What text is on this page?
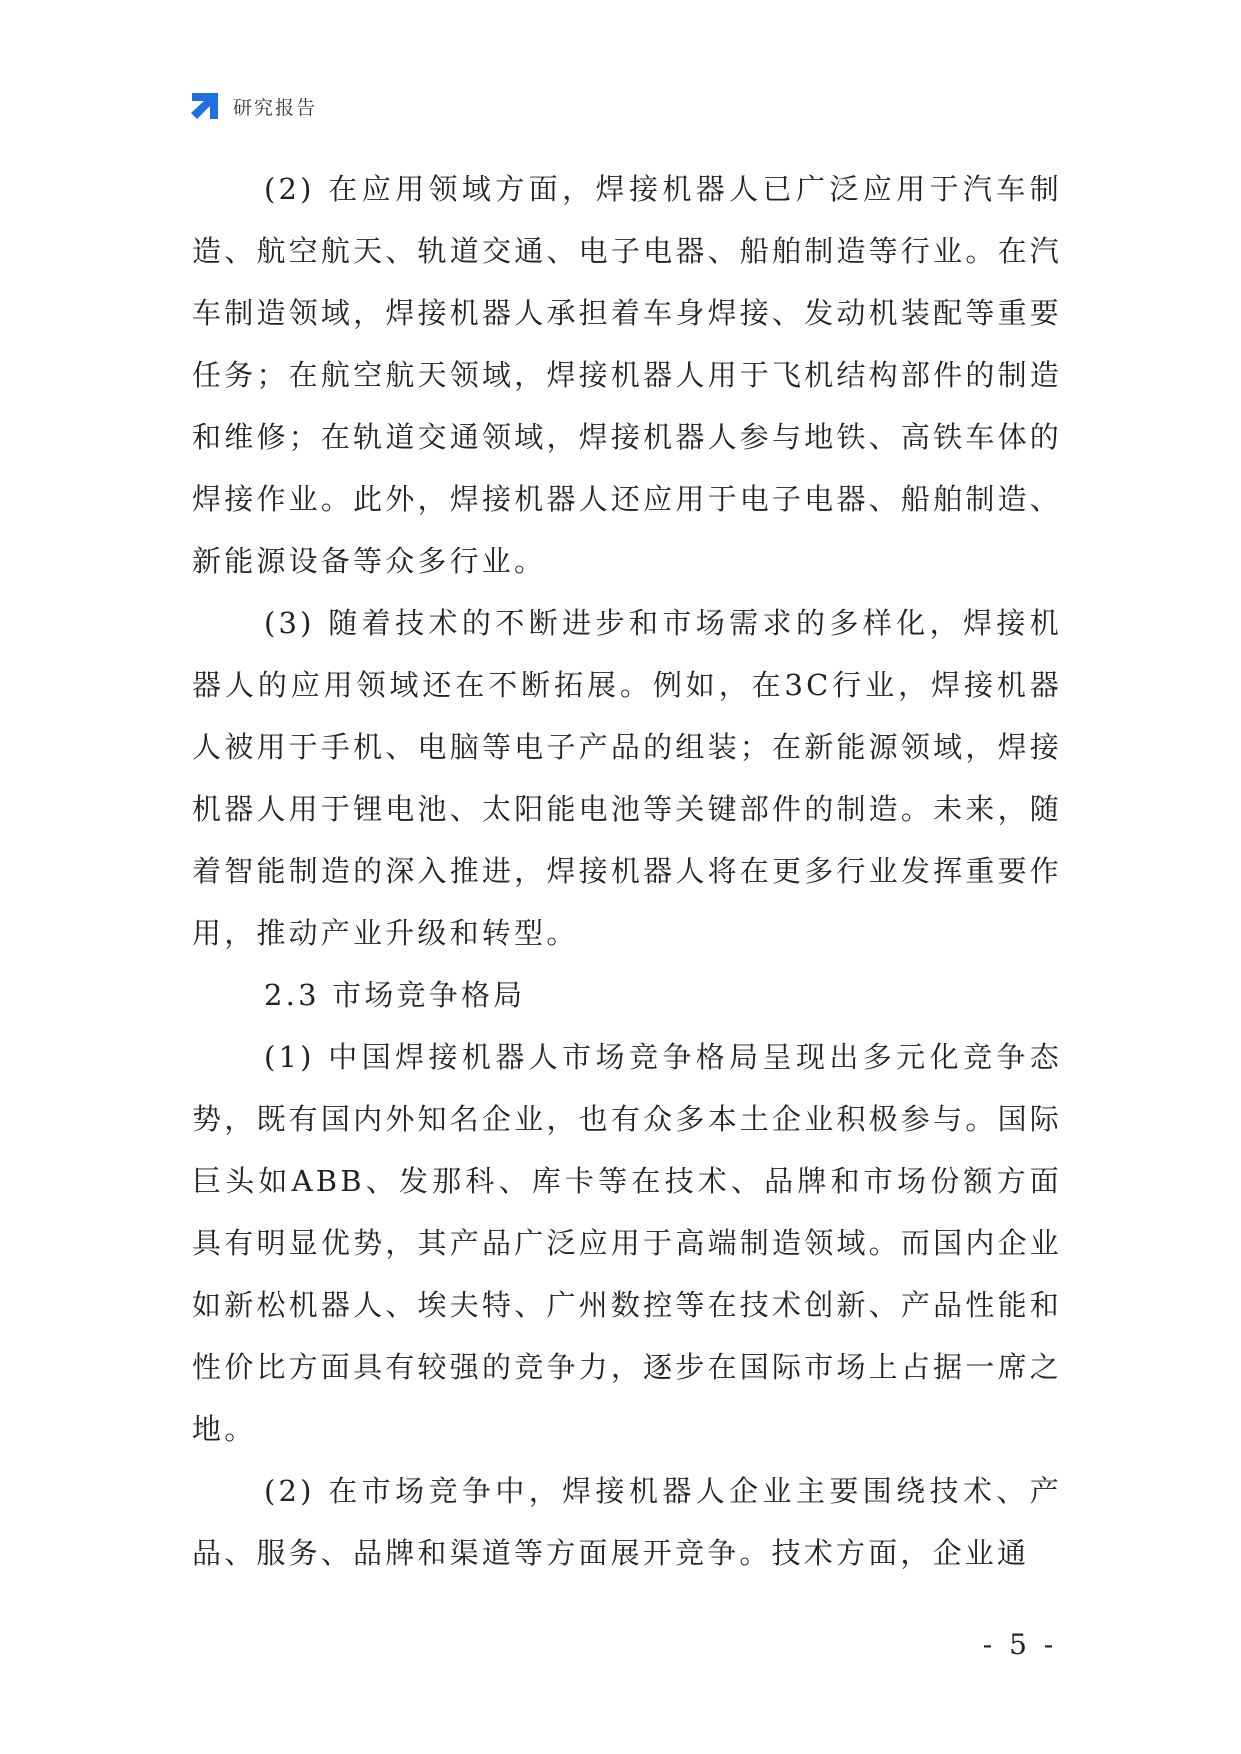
研究报告

(2) 在应用领域方面，焊接机器人已广泛应用于汽车制造、航空航天、轨道交通、电子电器、船舶制造等行业。在汽车制造领域，焊接机器人承担着车身焊接、发动机装配等重要任务；在航空航天领域，焊接机器人用于飞机结构部件的制造和维修；在轨道交通领域，焊接机器人参与地铁、高铁车体的焊接作业。此外，焊接机器人还应用于电子电器、船舶制造、新能源设备等众多行业。

(3) 随着技术的不断进步和市场需求的多样化，焊接机器人的应用领域还在不断拓展。例如，在3C行业，焊接机器人被用于手机、电脑等电子产品的组装；在新能源领域，焊接机器人用于锂电池、太阳能电池等关键部件的制造。未来，随着智能制造的深入推进，焊接机器人将在更多行业发挥重要作用，推动产业升级和转型。

2.3 市场竞争格局

(1) 中国焊接机器人市场竞争格局呈现出多元化竞争态势，既有国内外知名企业，也有众多本土企业积极参与。国际巨头如ABB、发那科、库卡等在技术、品牌和市场份额方面具有明显优势，其产品广泛应用于高端制造领域。而国内企业如新松机器人、埃夫特、广州数控等在技术创新、产品性能和性价比方面具有较强的竞争力，逐步在国际市场上占据一席之地。

(2) 在市场竞争中，焊接机器人企业主要围绕技术、产品、服务、品牌和渠道等方面展开竞争。技术方面，企业通

- 5 -
